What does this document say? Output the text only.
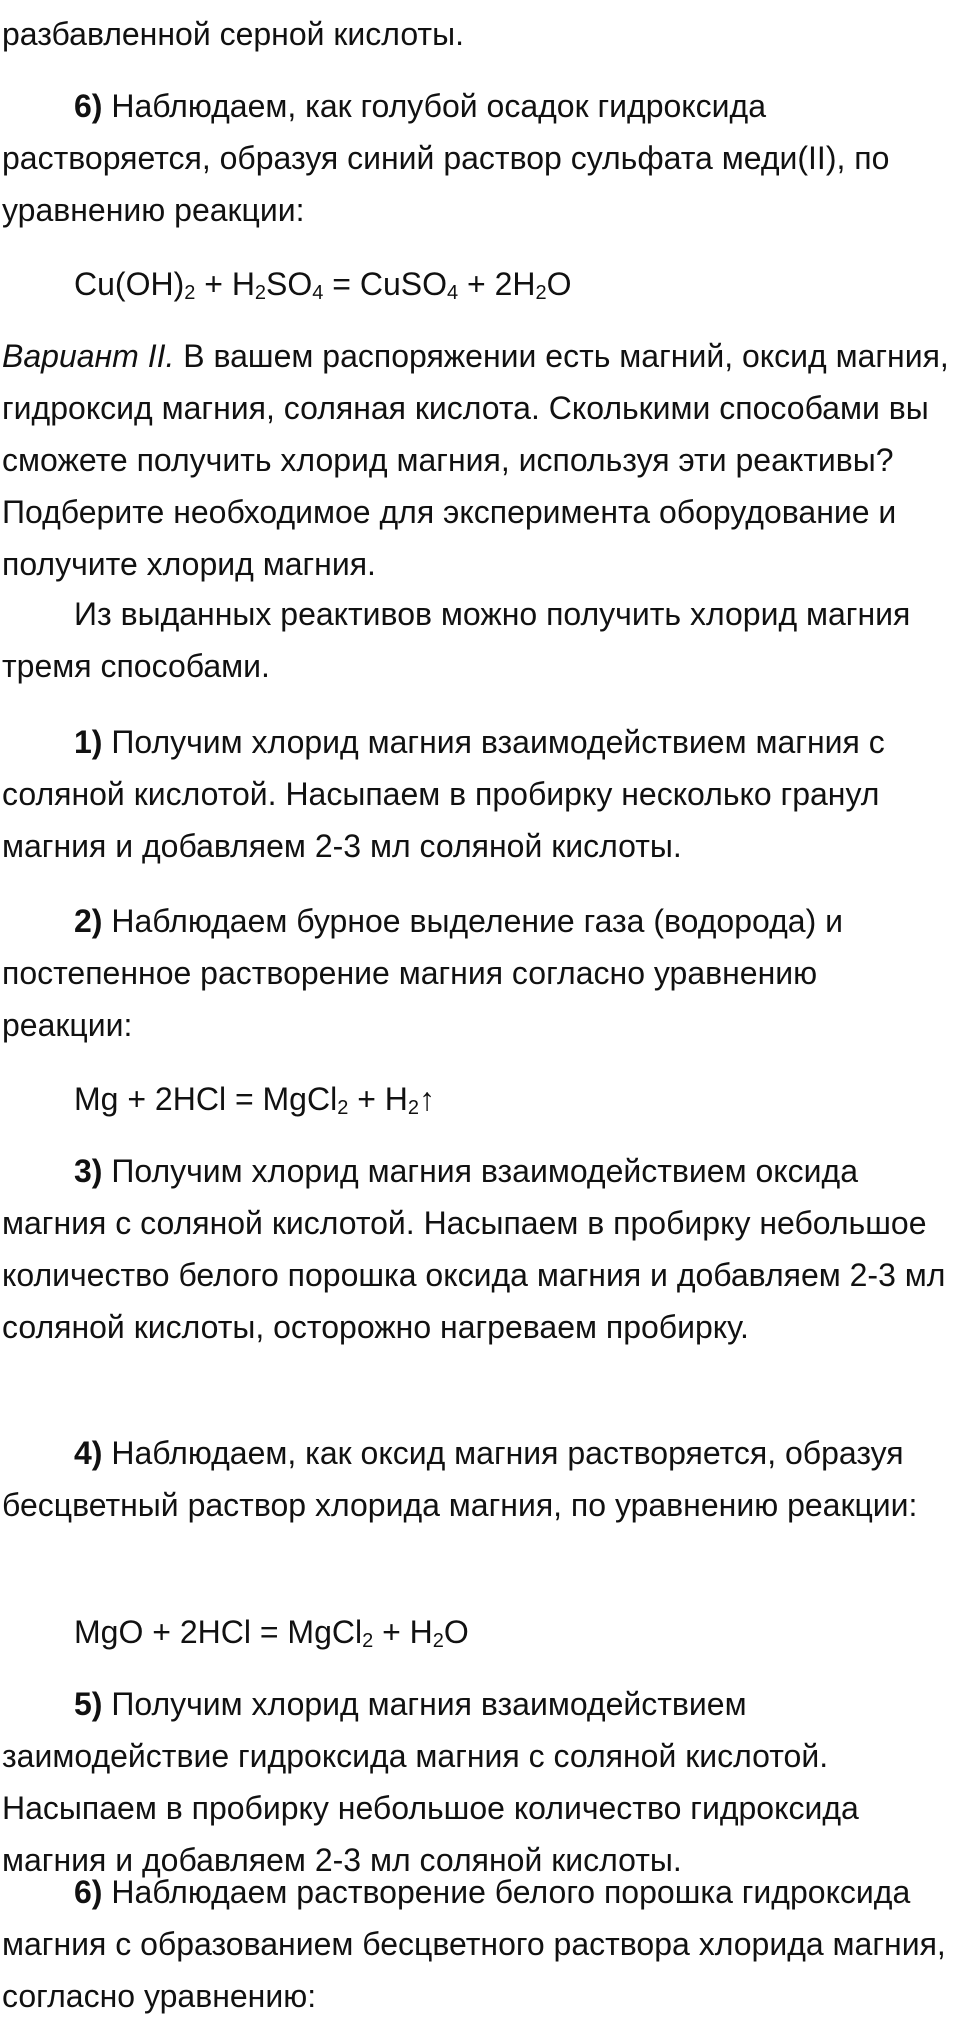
разбавленной серной кислоты.

6) Наблюдаем, как голубой осадок гидроксида растворяется, образуя синий раствор сульфата меди(II), по уравнению реакции:

$Cu(OH)_2 + H_2SO_4$ = CuSO$_4$ + $2H_2O$

Вариант II. В вашем распоряжении есть магний, оксид магния, гидроксид магния, соляная кислота. Сколькими способами вы сможете получить хлорид магния, используя эти реактивы? Подберите необходимое для эксперимента оборудование и получите хлорид магния.

Из выданных реактивов можно получить хлорид магния тремя способами.

1) Получим хлорид магния взаимодействием магния с соляной кислотой. Насыпаем в пробирку несколько гранул магния и добавляем 2-3 мл соляной кислоты.

2) Наблюдаем бурное выделение газа (водорода) и постепенное растворение магния согласно уравнению реакции:

Mg + 2HCl = MgCl$_2$ + $H_2↑$

3) Получим хлорид магния взаимодействием оксида магния с соляной кислотой. Насыпаем в пробирку небольшое количество белого порошка оксида магния и добавляем 2-3 мл соляной кислоты, осторожно нагреваем пробирку.

4) Наблюдаем, как оксид магния растворяется, образуя бесцветный раствор хлорида магния, по уравнению реакции:

MgO + 2HCl = MgCl$_2$ + $H_2O$

5) Получим хлорид магния взаимодействием заимодействие гидроксида магния с соляной кислотой. Насыпаем в пробирку небольшое количество гидроксида магния и добавляем 2-3 мл соляной кислоты.

6) Наблюдаем растворение белого порошка гидроксида магния с образованием бесцветного раствора хлорида магния, согласно уравнению:
